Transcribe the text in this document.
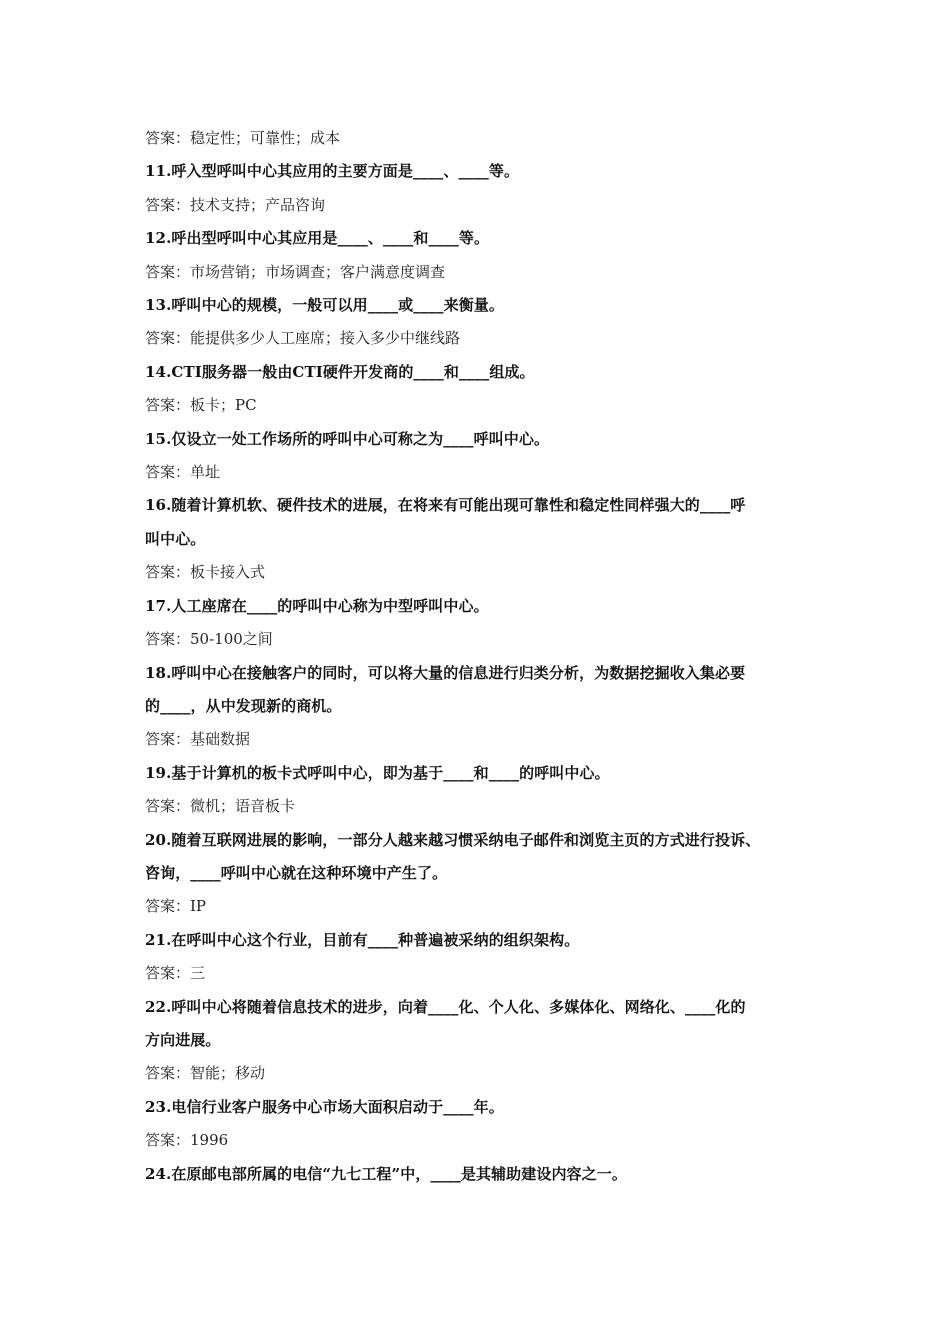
答案：稳定性；可靠性；成本
11.呼入型呼叫中心其应用的主要方面是____、____等。
答案：技术支持；产品咨询
12.呼出型呼叫中心其应用是____、____和____等。
答案：市场营销；市场调查；客户满意度调查
13.呼叫中心的规模，一般可以用____或____来衡量。
答案：能提供多少人工座席；接入多少中继线路
14.CTI服务器一般由CTI硬件开发商的____和____组成。
答案：板卡；PC
15.仅设立一处工作场所的呼叫中心可称之为____呼叫中心。
答案：单址
16.随着计算机软、硬件技术的进展，在将来有可能出现可靠性和稳定性同样强大的____呼
叫中心。
答案：板卡接入式
17.人工座席在____的呼叫中心称为中型呼叫中心。
答案：50-100之间
18.呼叫中心在接触客户的同时，可以将大量的信息进行归类分析，为数据挖掘收入集必要
的____，从中发现新的商机。
答案：基础数据
19.基于计算机的板卡式呼叫中心，即为基于____和____的呼叫中心。
答案：微机；语音板卡
20.随着互联网进展的影响，一部分人越来越习惯采纳电子邮件和浏览主页的方式进行投诉、
咨询，____呼叫中心就在这种环境中产生了。
答案：IP
21.在呼叫中心这个行业，目前有____种普遍被采纳的组织架构。
答案：三
22.呼叫中心将随着信息技术的进步，向着____化、个人化、多媒体化、网络化、____化的
方向进展。
答案：智能；移动
23.电信行业客户服务中心市场大面积启动于____年。
答案：1996
24.在原邮电部所属的电信“九七工程”中，____是其辅助建设内容之一。
